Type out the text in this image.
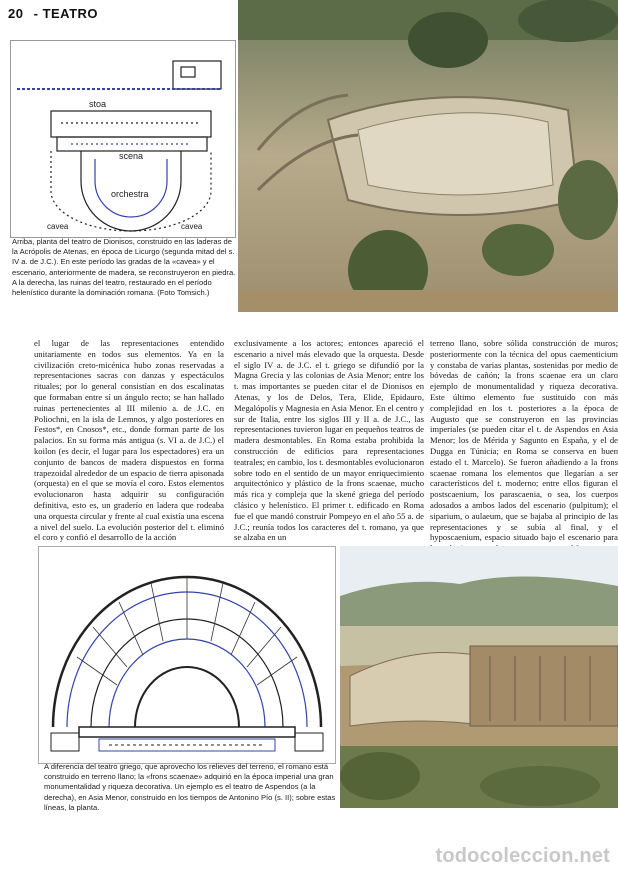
20 - TEATRO
stoa
scena
orchestra
cavea	cavea
Arriba, planta del teatro de Dionisos, construido en las laderas de la Acrópolis de Atenas, en época de Licurgo (segunda mitad del s. IV a. de J.C.). En este período las gradas de la «cavea» y el escenario, anteriormente de madera, se reconstruyeron en piedra. A la derecha, las ruinas del teatro, restaurado en el período helenístico durante la dominación romana. (Foto Tomsich.)

el lugar de las representaciones entendido unitariamente en todos sus elementos. Ya en la civilización creto-micénica hubo zonas reservadas a representaciones sacras con danzas y espectáculos rituales; por lo general consistían en dos escalinatas que formaban entre sí un ángulo recto; se han hallado ruinas pertenecientes al III milenio a. de J.C. en Poliochni, en la isla de Lemnos, y algo posteriores en Festos*, en Cnosos*, etc., donde forman parte de los palacios. En su forma más antigua (s. VI a. de J.C.) el koilon (es decir, el lugar para los espectadores) era un conjunto de bancos de madera dispuestos en forma trapezoidal alrededor de un espacio de tierra apisonada (orquesta) en el que se movía el coro. Estos elementos evolucionaron hasta adquirir su configuración definitiva, esto es, un graderío en ladera que rodeaba una orquesta circular y frente al cual existía una escena a nivel del suelo. La evolución posterior del t. eliminó el coro y confió el desarrollo de la acción

exclusivamente a los actores; entonces apareció el escenario a nivel más elevado que la orquesta. Desde el siglo IV a. de J.C. el t. griego se difundió por la Magna Grecia y las colonias de Asia Menor; entre los t. mas importantes se pueden citar el de Dionisos en Atenas, y los de Delos, Tera, Elide, Epidauro, Megalópolis y Magnesia en Asia Menor. En el centro y sur de Italia, entre los siglos III y II a. de J.C., las representaciones tuvieron lugar en pequeños teatros de madera desmontables. En Roma estaba prohibida la construcción de edificios para representaciones teatrales; en cambio, los t. desmontables evolucionaron sobre todo en el sentido de un mayor enriquecimiento arquitectónico y plástico de la frons scaenae, mucho más rica y compleja que la skené griega del período clásico y helenístico. El primer t. edificado en Roma fue el que mandó construir Pompeyo en el año 55 a. de J.C.; reunía todos los caracteres del t. romano, ya que se alzaba en un

terreno llano, sobre sólida construcción de muros; posteriormente con la técnica del opus caementicium y constaba de varias plantas, sostenidas por medio de bóvedas de cañón; la frons scaenae era un claro ejemplo de monumentalidad y riqueza decorativa. Este último elemento fue sustituido con más complejidad en los t. posteriores a la época de Augusto que se construyeron en las provincias imperiales (se pueden citar el t. de Aspendos en Asia Menor; los de Mérida y Sagunto en España, y el de Dugga en Túnicia; en Roma se conserva en buen estado el t. Marcelo). Se fueron añadiendo a la frons scaenae romana los elementos que llegarían a ser característicos del t. moderno; entre ellos figuran el postscaenium, los parascaenia, o sea, los cuerpos adosados a ambos lados del escenario (pulpitum); el siparium, o aulaeum, que se bajaba al principio de las representaciones y se subía al final, y el hyposcaenium, espacio situado bajo el escenario para

A diferencia del teatro griego, que aprovecho los relieves del terreno, el romano está construido en terreno llano; la «frons scaenae» adquirió en la época imperial una gran monumentalidad y riqueza decorativa. Un ejemplo es el teatro de Aspendos (a la derecha), en Asia Menor, construido en los tiempos de Antonino Pío (s. II); sobre estas líneas, la planta.
todocoleccion.net
